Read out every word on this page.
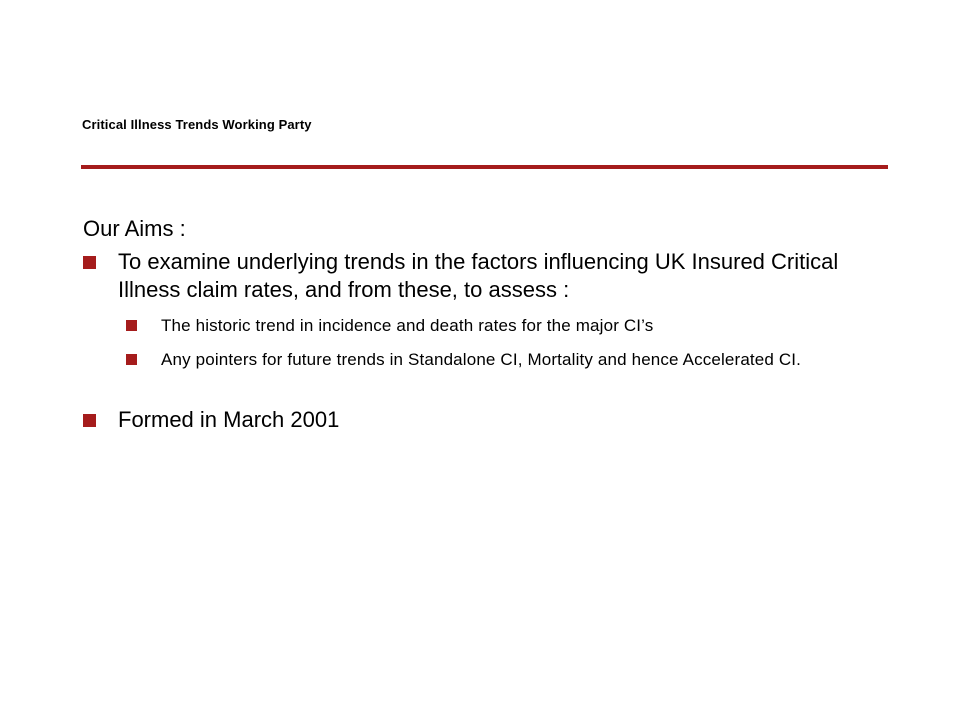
Critical Illness Trends Working Party
Our Aims :
To examine underlying trends in the factors influencing UK Insured Critical Illness claim rates, and from these, to assess :
The historic trend in incidence and death rates for the major CI’s
Any pointers for future trends in Standalone CI, Mortality and hence Accelerated CI.
Formed in March 2001
